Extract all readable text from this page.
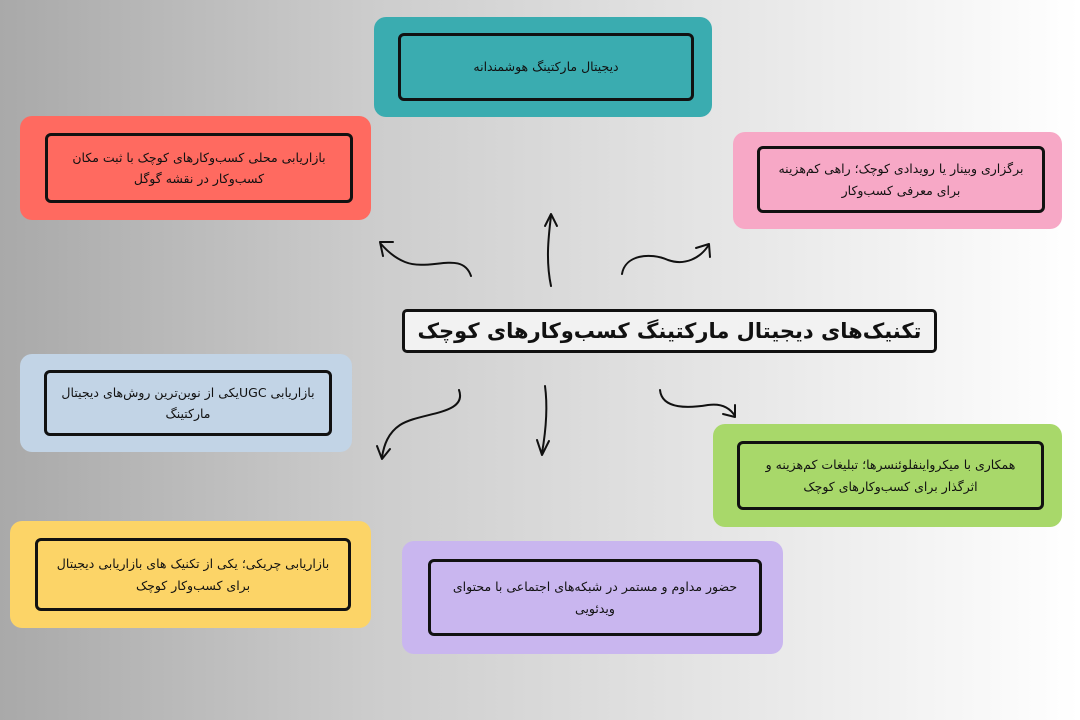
دیجیتال مارکتینگ هوشمندانه
بازاریابی محلی کسب‌وکارهای کوچک با ثبت مکان کسب‌وکار در نقشه گوگل
برگزاری وبینار یا رویدادی کوچک؛ راهی کم‌هزینه برای معرفی کسب‌وکار
تکنیک‌های دیجیتال مارکتینگ کسب‌وکارهای کوچک
بازاریابی UGCیکی از نوین‌ترین روش‌های دیجیتال مارکتینگ
همکاری با میکرواینفلوئنسرها؛ تبلیغات کم‌هزینه و اثرگذار برای کسب‌وکارهای کوچک
بازاریابی چریکی؛ یکی از تکنیک های بازاریابی دیجیتال برای کسب‌وکار کوچک	حضور مداوم و مستمر در شبکه‌های اجتماعی با محتوای ویدئویی
